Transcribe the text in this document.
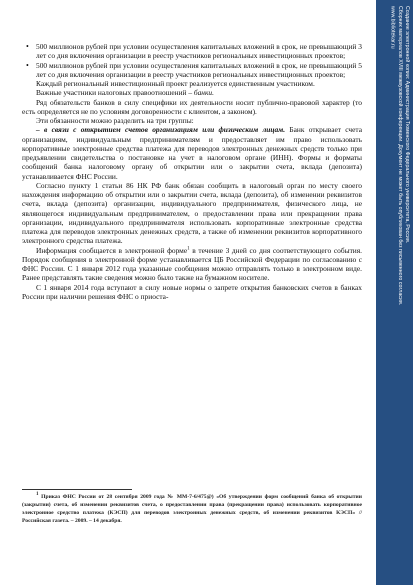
• 500 миллионов рублей при условии осуществления капитальных вложений в срок, не превышающий 3 лет со дня включения организации в реестр участников региональных инвестиционных проектов;

• 500 миллионов рублей при условии осуществления капитальных вложений в срок, не превышающий 5 лет со дня включения организации в реестр участников региональных инвестиционных проектов;

Каждый региональный инвестиционный проект реализуется единственным участником.

Важные участники налоговых правоотношений – банки.

Ряд обязательств банков в силу специфики их деятельности носит публично-правовой характер (то есть определяется не по условиям договоренности с клиентом, а законом).

Эти обязанности можно разделить на три группы:

– в связи с открытием счетов организациям или физическим лицам. Банк открывает счета организациям, индивидуальным предпринимателям и предоставляет им право использовать корпоративные электронные средства платежа для переводов электронных денежных средств только при предъявлении свидетельства о постановке на учет в налоговом органе (ИНН). Формы и форматы сообщений банка налоговому органу об открытии или о закрытии счета, вклада (депозита) устанавливается ФНС России.

Согласно пункту 1 статьи 86 НК РФ банк обязан сообщить в налоговый орган по месту своего нахождения информацию об открытии или о закрытии счета, вклада (депозита), об изменении реквизитов счета, вклада (депозита) организации, индивидуального предпринимателя, физического лица, не являющегося индивидуальным предпринимателем, о предоставлении права или прекращении права организации, индивидуального предпринимателя использовать корпоративные электронные средства платежа для переводов электронных денежных средств, а также об изменении реквизитов корпоративного электронного средства платежа.

Информация сообщается в электронной форме$^1$ в течение 3 дней со дня соответствующего события. Порядок сообщения в электронной форме устанавливается ЦБ Российской Федерации по согласованию с ФНС России. С 1 января 2012 года указанные сообщения можно отправлять только в электронном виде. Ранее представлять такие сведения можно было также на бумажном носителе.

С 1 января 2014 года вступают в силу новые нормы о запрете открытия банковских счетов в банках России при наличии решения ФНС о приоста-

1 Приказ ФНС России от 28 сентября 2009 года № ММ-7-6/475@) «Об утверждении форм сообщений банка об открытии (закрытии) счета, об изменении реквизитов счета, о предоставлении права (прекращении права) использовать корпоративное электронное средство платежа (КЭСП) для переводов электронных денежных средств, об изменении реквизитов КЭСП» // Российская газета. – 2009. – 14 декабря.

Создание электронной копии: Администрация Тюменского Федерального университета, Россия.
Сборник материалов XVIII межвузовской конференции. Документ не может быть опубликован без письменного согласия.
www.bibliotekar.ru
